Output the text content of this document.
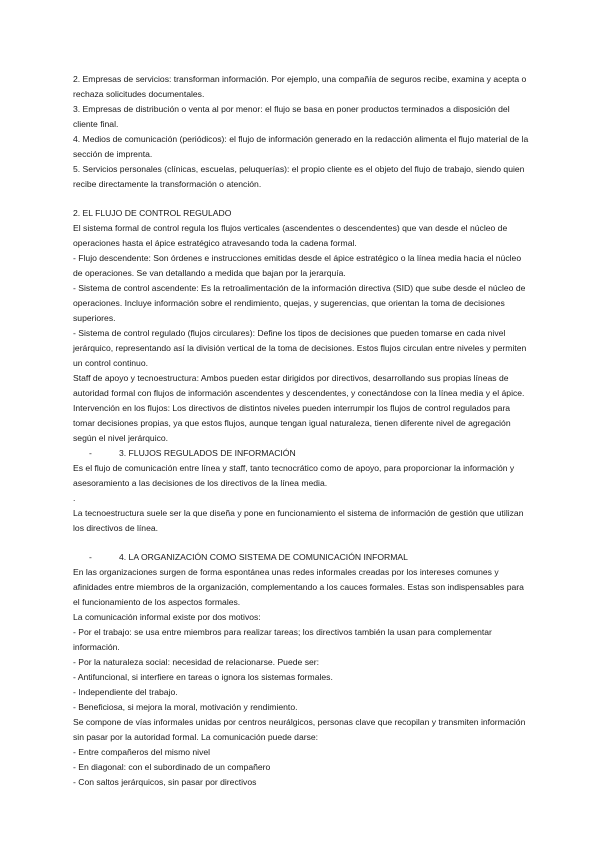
2. Empresas de servicios: transforman información. Por ejemplo, una compañía de seguros recibe, examina y acepta o rechaza solicitudes documentales.

3. Empresas de distribución o venta al por menor: el flujo se basa en poner productos terminados a disposición del cliente final.

4. Medios de comunicación (periódicos): el flujo de información generado en la redacción alimenta el flujo material de la sección de imprenta.

5. Servicios personales (clínicas, escuelas, peluquerías): el propio cliente es el objeto del flujo de trabajo, siendo quien recibe directamente la transformación o atención.

2. EL FLUJO DE CONTROL REGULADO

El sistema formal de control regula los flujos verticales (ascendentes o descendentes) que van desde el núcleo de operaciones hasta el ápice estratégico atravesando toda la cadena formal.

- Flujo descendente: Son órdenes e instrucciones emitidas desde el ápice estratégico o la línea media hacia el núcleo de operaciones. Se van detallando a medida que bajan por la jerarquía.

- Sistema de control ascendente: Es la retroalimentación de la información directiva (SID) que sube desde el núcleo de operaciones. Incluye información sobre el rendimiento, quejas, y sugerencias, que orientan la toma de decisiones superiores.

- Sistema de control regulado (flujos circulares): Define los tipos de decisiones que pueden tomarse en cada nivel jerárquico, representando así la división vertical de la toma de decisiones. Estos flujos circulan entre niveles y permiten un control continuo.

Staff de apoyo y tecnoestructura: Ambos pueden estar dirigidos por directivos, desarrollando sus propias líneas de autoridad formal con flujos de información ascendentes y descendentes, y conectándose con la línea media y el ápice.

Intervención en los flujos: Los directivos de distintos niveles pueden interrumpir los flujos de control regulados para tomar decisiones propias, ya que estos flujos, aunque tengan igual naturaleza, tienen diferente nivel de agregación según el nivel jerárquico.

-	3. FLUJOS REGULADOS DE INFORMACIÓN

Es el flujo de comunicación entre línea y staff, tanto tecnocrático como de apoyo, para proporcionar la información y asesoramiento a las decisiones de los directivos de la línea media.

.

La tecnoestructura suele ser la que diseña y pone en funcionamiento el sistema de información de gestión que utilizan los directivos de línea.

-	4. LA ORGANIZACIÓN COMO SISTEMA DE COMUNICACIÓN INFORMAL

En las organizaciones surgen de forma espontánea unas redes informales creadas por los intereses comunes y afinidades entre miembros de la organización, complementando a los cauces formales. Estas son indispensables para el funcionamiento de los aspectos formales.

La comunicación informal existe por dos motivos:

- Por el trabajo: se usa entre miembros para realizar tareas; los directivos también la usan para complementar información.

- Por la naturaleza social: necesidad de relacionarse. Puede ser:

- Antifuncional, si interfiere en tareas o ignora los sistemas formales.

- Independiente del trabajo.

- Beneficiosa, si mejora la moral, motivación y rendimiento.

Se compone de vías informales unidas por centros neurálgicos, personas clave que recopilan y transmiten información sin pasar por la autoridad formal. La comunicación puede darse:

- Entre compañeros del mismo nivel

- En diagonal: con el subordinado de un compañero

- Con saltos jerárquicos, sin pasar por directivos
